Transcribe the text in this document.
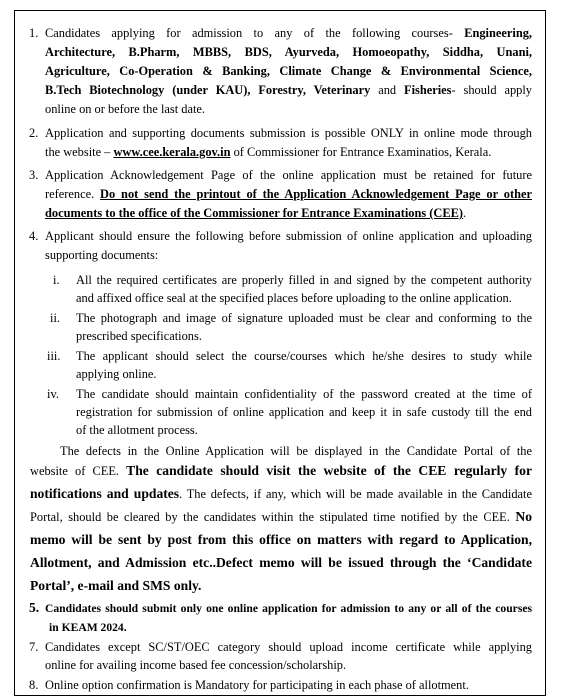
1. Candidates applying for admission to any of the following courses- Engineering,
Architecture, B.Pharm, MBBS, BDS, Ayurveda, Homoeopathy, Siddha, Unani,
Agriculture, Co-Operation & Banking, Climate Change & Environmental Science,
B.Tech Biotechnology (under KAU), Forestry, Veterinary and Fisheries- should apply
online on or before the last date.
2. Application and supporting documents submission is possible ONLY in online mode through
the website – www.cee.kerala.gov.in of Commissioner for Entrance Examinatios, Kerala.
3. Application Acknowledgement Page of the online application must be retained for future
reference. Do not send the printout of the Application Acknowledgement Page or other
documents to the office of the Commissioner for Entrance Examinations (CEE).
4. Applicant should ensure the following before submission of online application and uploading
supporting documents:
i. All the required certificates are properly filled in and signed by the competent authority
and affixed office seal at the specified places before uploading to the online application.
ii. The photograph and image of signature uploaded must be clear and conforming to the
prescribed specifications.
iii. The applicant should select the course/courses which he/she desires to study while
applying online.
iv. The candidate should maintain confidentiality of the password created at the time of
registration for submission of online application and keep it in safe custody till the end
of the allotment process.
The defects in the Online Application will be displayed in the Candidate Portal of the
website of CEE. The candidate should visit the website of the CEE regularly for
notifications and updates. The defects, if any, which will be made available in the Candidate
Portal, should be cleared by the candidates within the stipulated time notified by the CEE. No
memo will be sent by post from this office on matters with regard to Application,
Allotment, and Admission etc..Defect memo will be issued through the ‘Candidate
Portal’, e-mail and SMS only.
5. Candidates should submit only one online application for admission to any or all of the courses
in KEAM 2024.
7. Candidates except SC/ST/OEC category should upload income certificate while applying
online for availing income based fee concession/scholarship.
8. Online option confirmation is Mandatory for participating in each phase of allotment.
